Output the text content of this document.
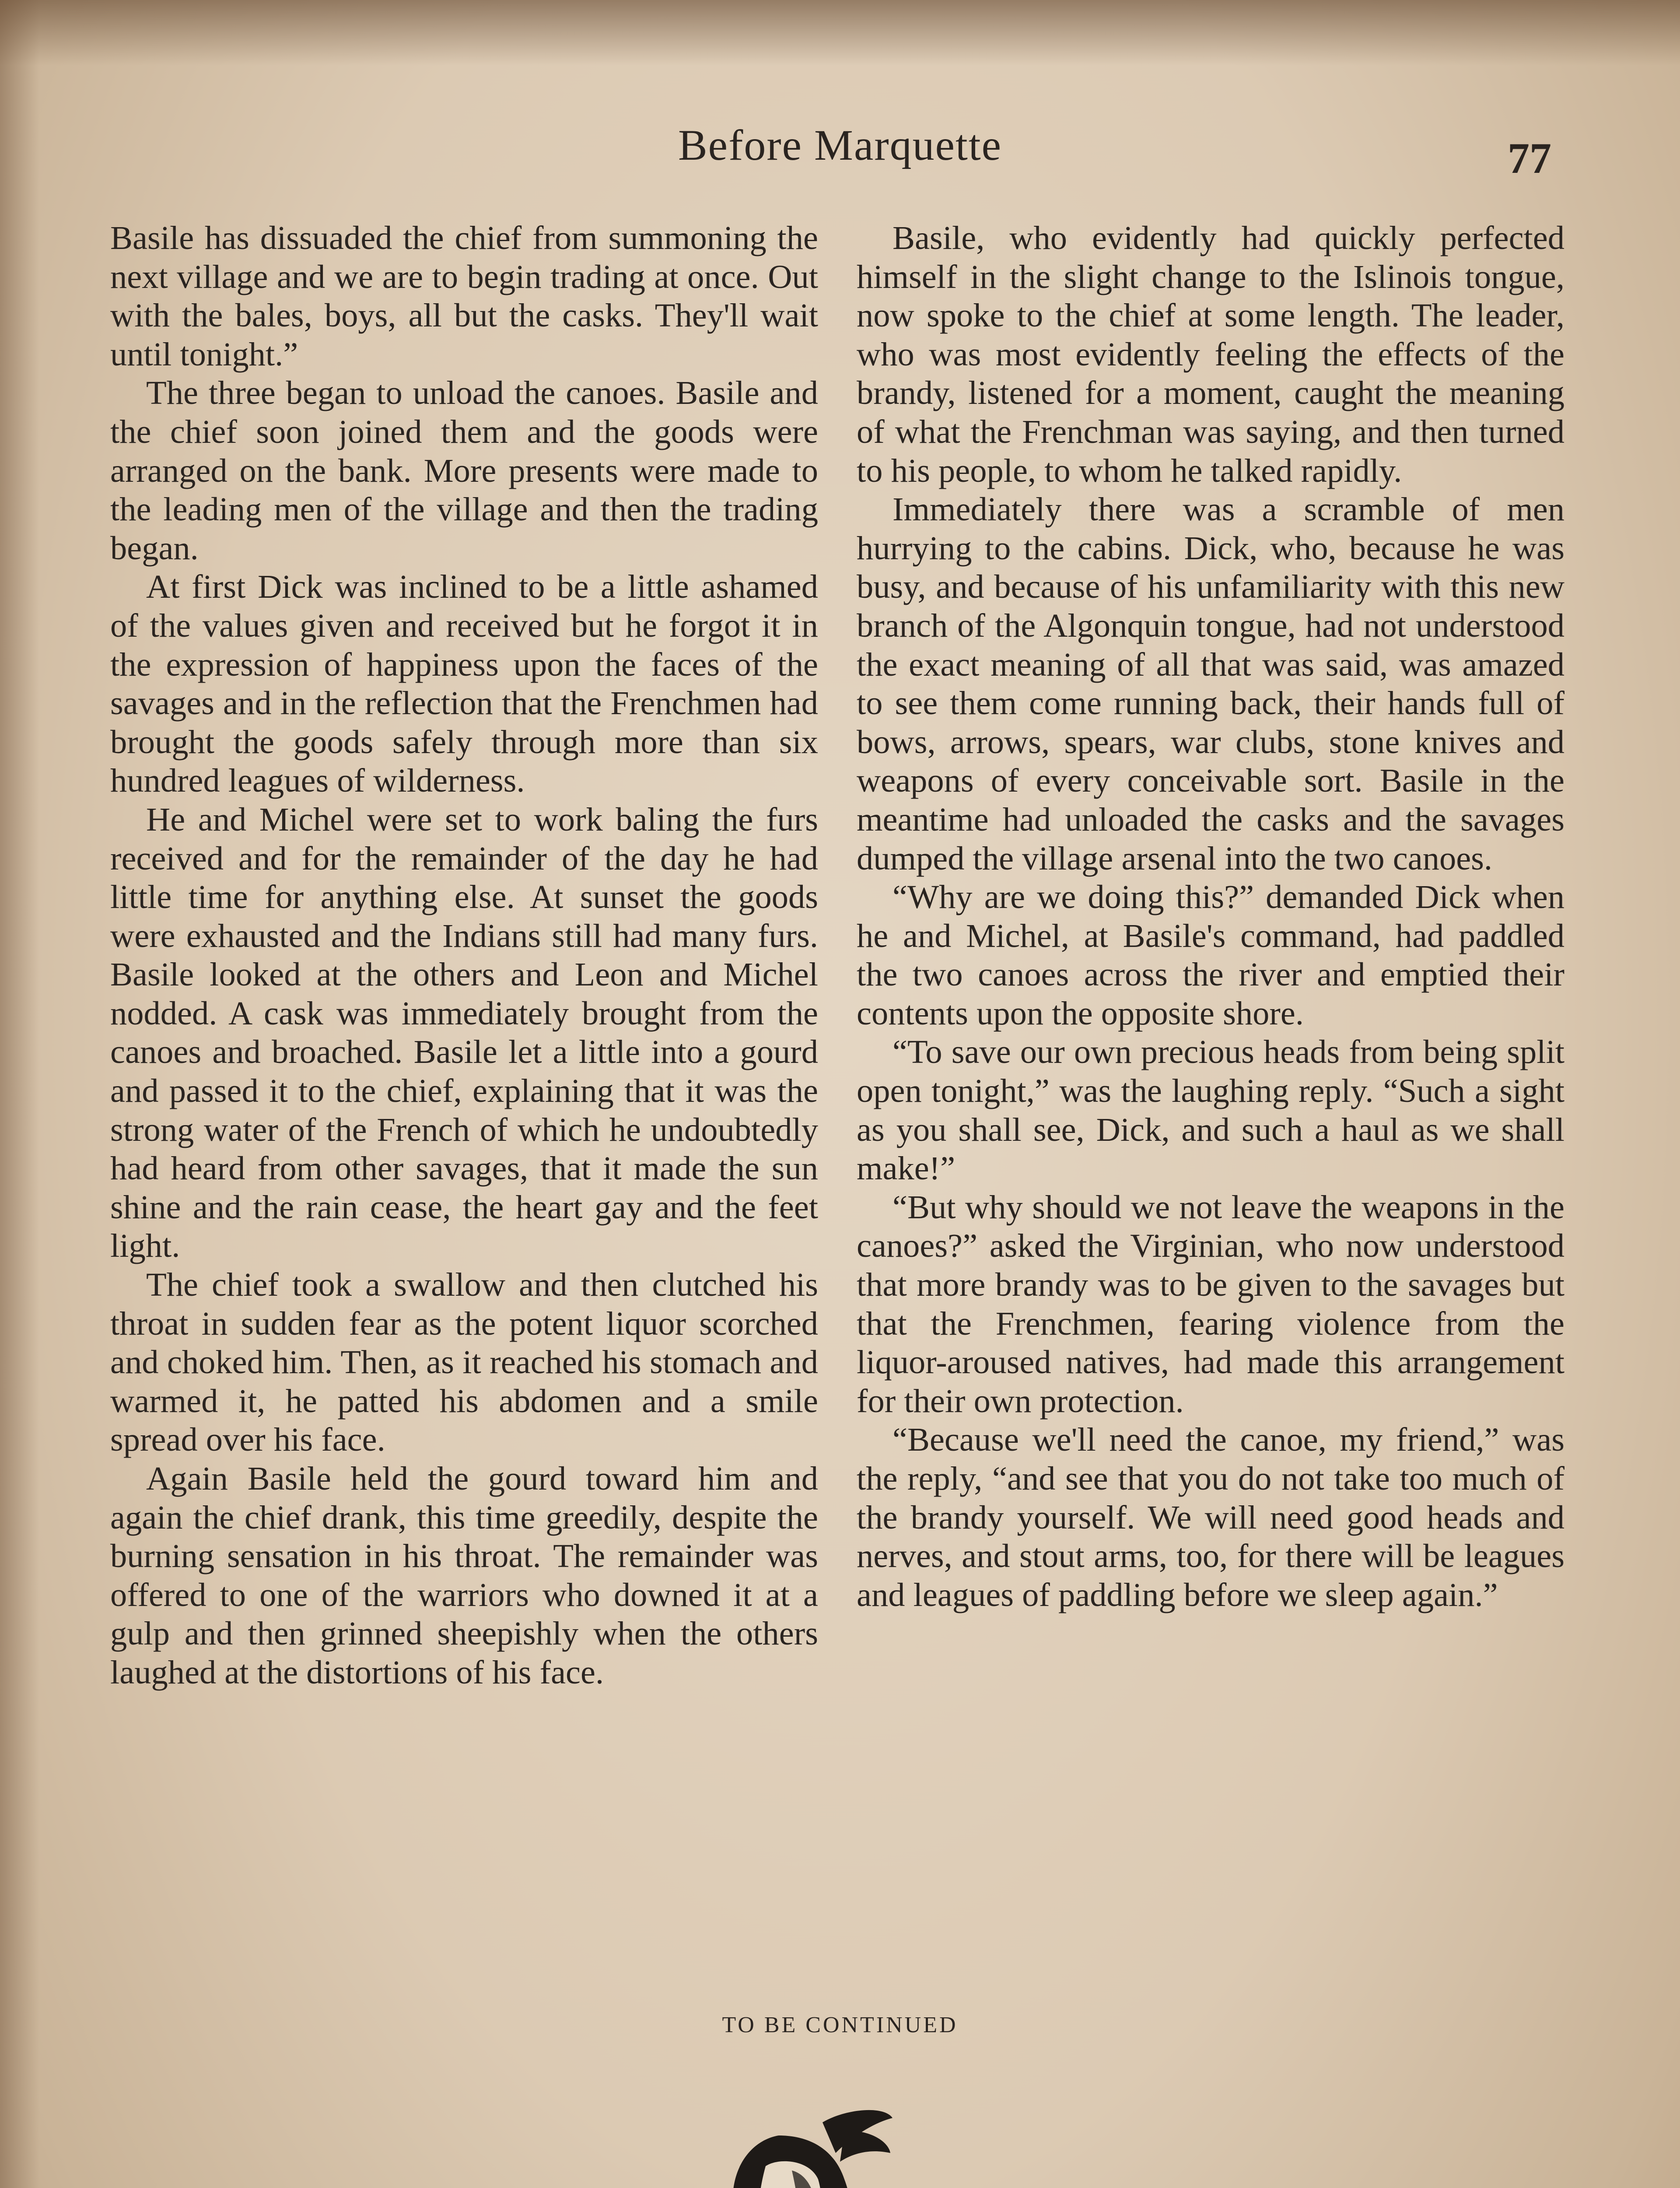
Before Marquette	77

Basile has dissuaded the chief from summoning the next village and we are to begin trading at once. Out with the bales, boys, all but the casks. They'll wait until tonight.”

The three began to unload the canoes. Basile and the chief soon joined them and the goods were arranged on the bank. More presents were made to the leading men of the village and then the trading began.

At first Dick was inclined to be a little ashamed of the values given and received but he forgot it in the expression of happiness upon the faces of the savages and in the reflection that the Frenchmen had brought the goods safely through more than six hundred leagues of wilderness.

He and Michel were set to work baling the furs received and for the remainder of the day he had little time for anything else. At sunset the goods were exhausted and the Indians still had many furs. Basile looked at the others and Leon and Michel nodded. A cask was immediately brought from the canoes and broached. Basile let a little into a gourd and passed it to the chief, explaining that it was the strong water of the French of which he undoubtedly had heard from other savages, that it made the sun shine and the rain cease, the heart gay and the feet light.

The chief took a swallow and then clutched his throat in sudden fear as the potent liquor scorched and choked him. Then, as it reached his stomach and warmed it, he patted his abdomen and a smile spread over his face.

Again Basile held the gourd toward him and again the chief drank, this time greedily, despite the burning sensation in his throat. The remainder was offered to one of the warriors who downed it at a gulp and then grinned sheepishly when the others laughed at the distortions of his face.

Basile, who evidently had quickly perfected himself in the slight change to the Islinois tongue, now spoke to the chief at some length. The leader, who was most evidently feeling the effects of the brandy, listened for a moment, caught the meaning of what the Frenchman was saying, and then turned to his people, to whom he talked rapidly.

Immediately there was a scramble of men hurrying to the cabins. Dick, who, because he was busy, and because of his unfamiliarity with this new branch of the Algonquin tongue, had not understood the exact meaning of all that was said, was amazed to see them come running back, their hands full of bows, arrows, spears, war clubs, stone knives and weapons of every conceivable sort. Basile in the meantime had unloaded the casks and the savages dumped the village arsenal into the two canoes.

“Why are we doing this?” demanded Dick when he and Michel, at Basile's command, had paddled the two canoes across the river and emptied their contents upon the opposite shore.

“To save our own precious heads from being split open tonight,” was the laughing reply. “Such a sight as you shall see, Dick, and such a haul as we shall make!”

“But why should we not leave the weapons in the canoes?” asked the Virginian, who now understood that more brandy was to be given to the savages but that the Frenchmen, fearing violence from the liquor-aroused natives, had made this arrangement for their own protection.

“Because we'll need the canoe, my friend,” was the reply, “and see that you do not take too much of the brandy yourself. We will need good heads and nerves, and stout arms, too, for there will be leagues and leagues of paddling before we sleep again.”

TO BE CONTINUED
